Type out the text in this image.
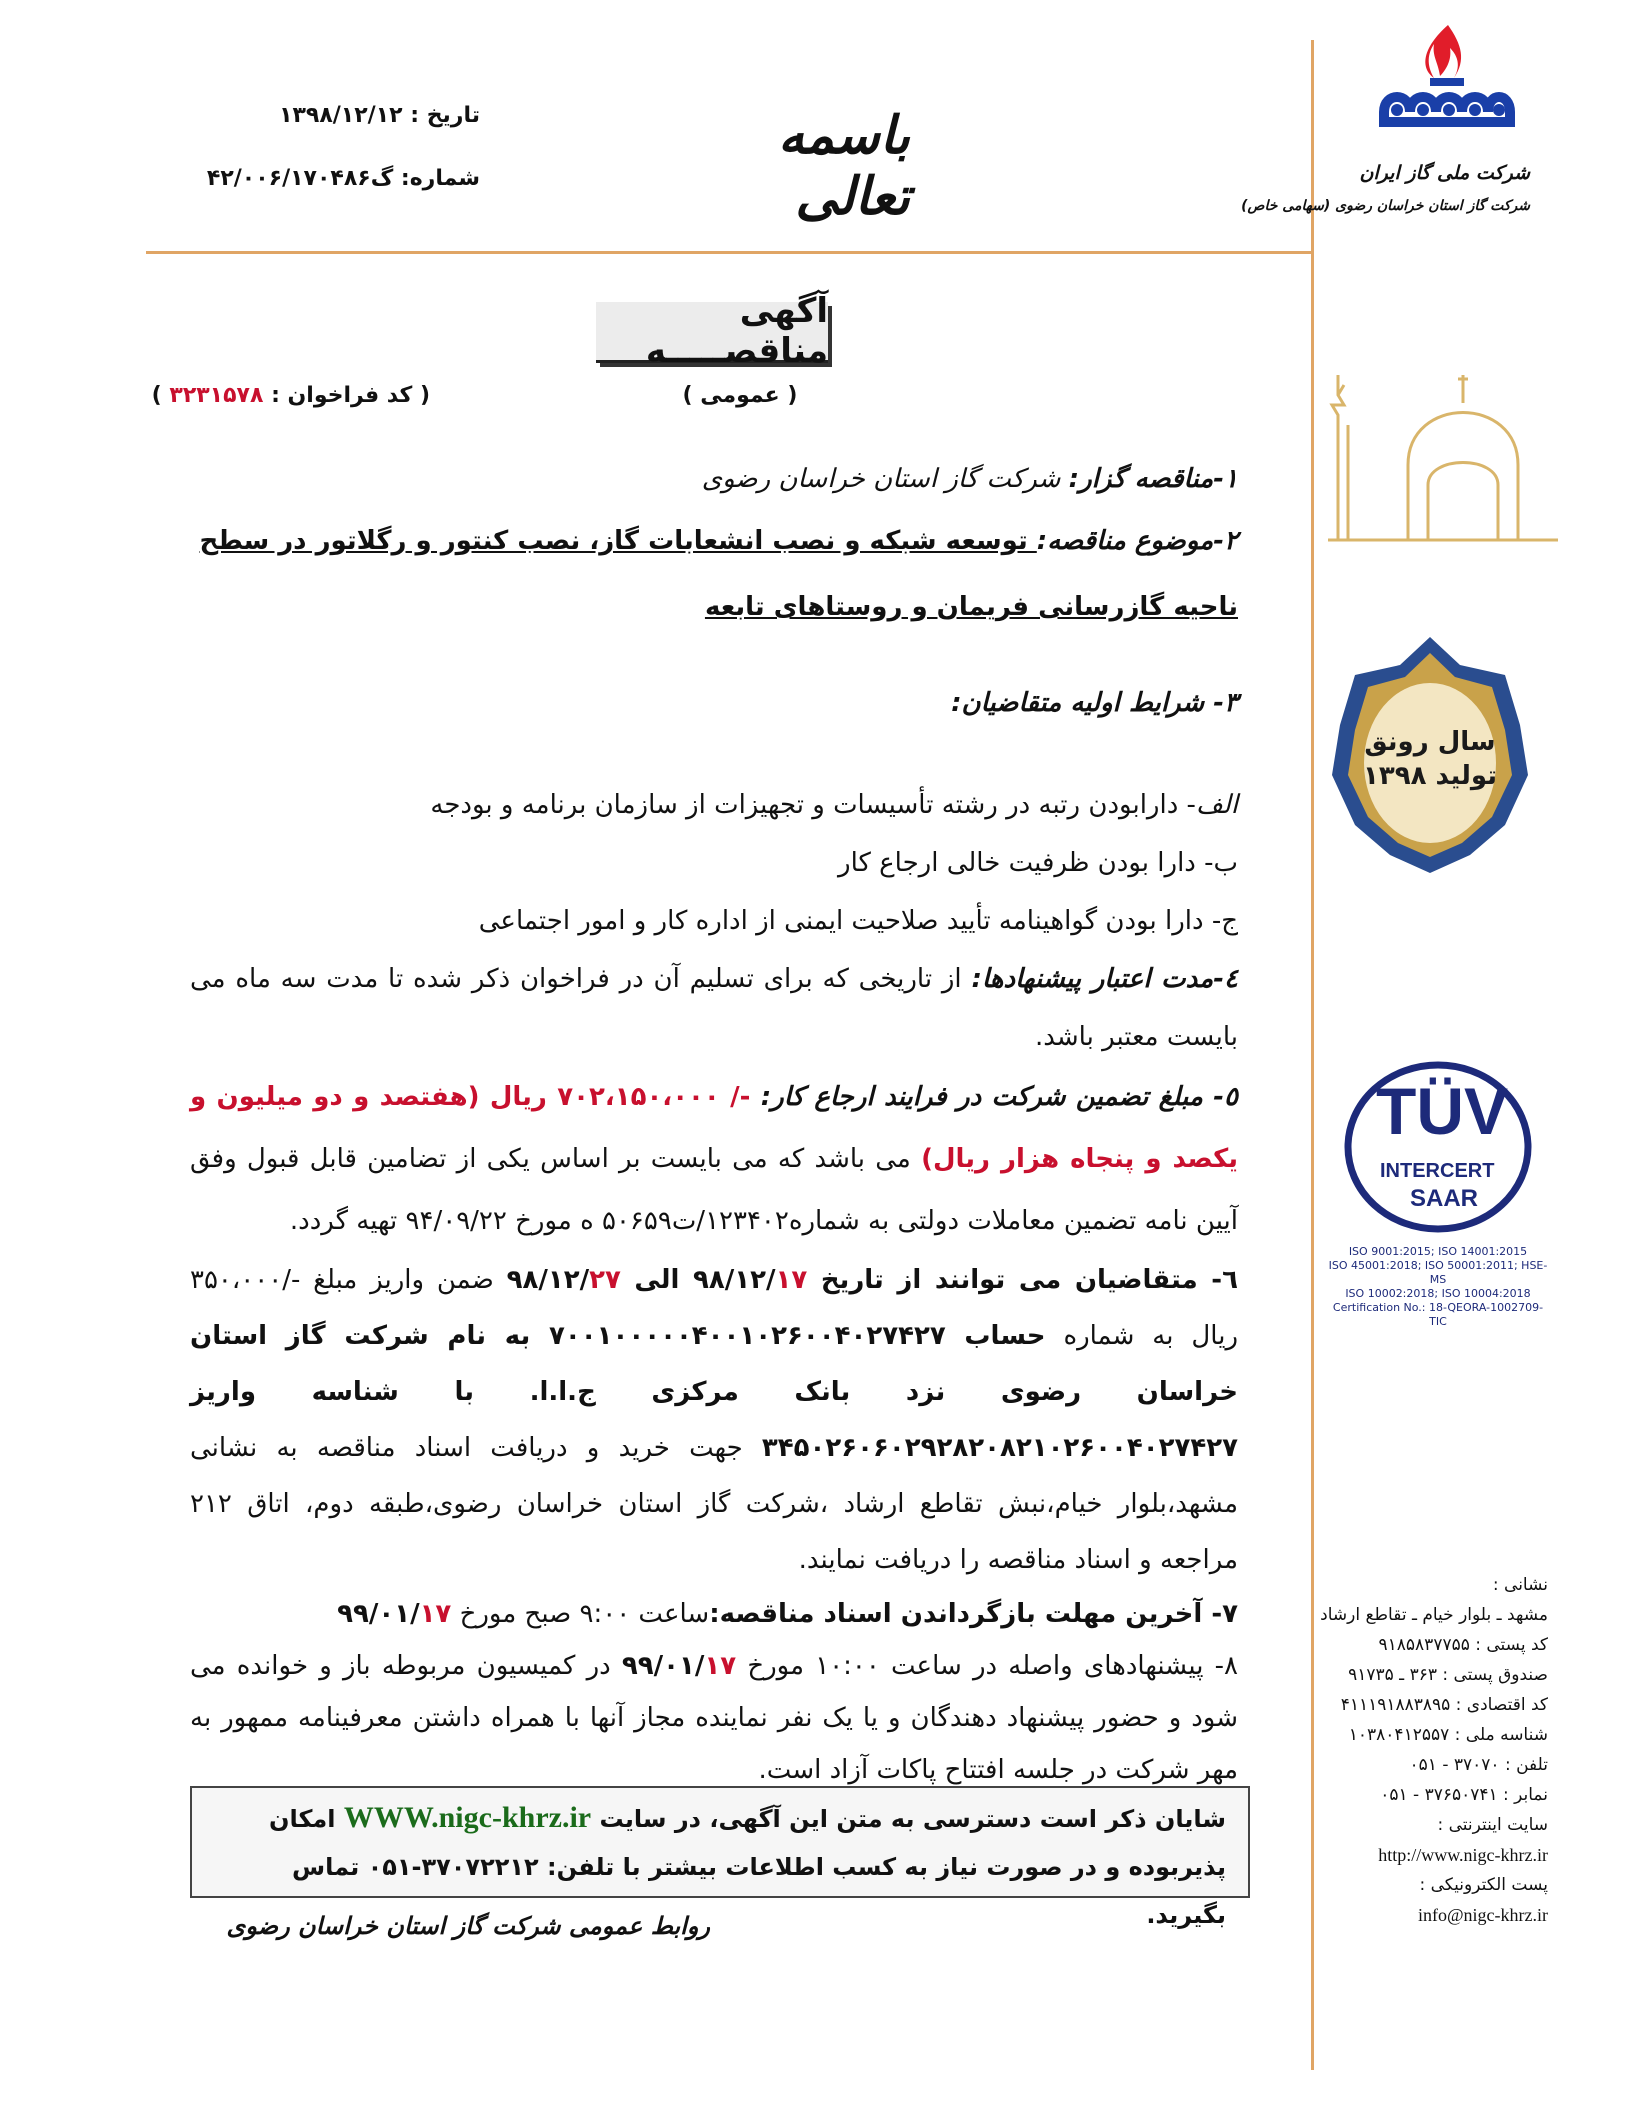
باسمه تعالی
تاریخ : ۱۳۹۸/۱۲/۱۲
شماره: گ۴۲/۰۰۶/۱۷۰۴۸۶	شرکت ملی گاز ایران
شرکت گاز استان خراسان رضوی (سهامی خاص)
سال رونق تولید ۱۳۹۸
TÜV
INTERCERT
SAAR
ISO 9001:2015; ISO 14001:2015
ISO 45001:2018; ISO 50001:2011; HSE-MS
ISO 10002:2018; ISO 10004:2018
Certification No.: 18-QEORA-1002709-TIC
آگهی مناقصـــــه
( عمومی )
( کد فراخوان : ۳۲۳۱۵۷۸ )
۱-مناقصه گزار: شرکت گاز استان خراسان رضوی
۲-موضوع مناقصه: توسعه شبکه و نصب انشعابات گاز، نصب کنتور و رگلاتور در سطح
ناحیه گازرسانی فریمان و روستاهای تابعه
۳- شرایط اولیه متقاضیان:
الف- دارابودن رتبه در رشته تأسیسات و تجهیزات از سازمان برنامه و بودجه
ب- دارا بودن ظرفیت خالی ارجاع کار
ج- دارا بودن گواهینامه تأیید صلاحیت ایمنی از اداره کار و امور اجتماعی
٤-مدت اعتبار پیشنهادها: از تاریخی که برای تسلیم آن در فراخوان ذکر شده تا مدت سه ماه می بایست معتبر باشد.
٥- مبلغ تضمین شرکت در فرایند ارجاع کار: -/ ۷۰۲،۱۵۰،۰۰۰ ریال (هفتصد و دو میلیون و یکصد و پنجاه هزار ریال) می باشد که می بایست بر اساس یکی از تضامین قابل قبول وفق آیین نامه تضمین معاملات دولتی به شماره۱۲۳۴۰۲/ت۵۰۶۵۹ ه مورخ ۹۴/۰۹/۲۲ تهیه گردد.
٦- متقاضیان می توانند از تاریخ ۹۸/۱۲/۱۷ الی ۹۸/۱۲/۲۷ ضمن واریز مبلغ -/۳۵۰،۰۰۰ ریال به شماره حساب ۷۰۰۱۰۰۰۰۰۴۰۰۱۰۲۶۰۰۴۰۲۷۴۲۷ به نام شرکت گاز استان خراسان رضوی نزد بانک مرکزی ج.ا.ا. با شناسه واریز ۳۴۵۰۲۶۰۶۰۲۹۲۸۲۰۸۲۱۰۲۶۰۰۴۰۲۷۴۲۷ جهت خرید و دریافت اسناد مناقصه به نشانی مشهد،بلوار خیام،نبش تقاطع ارشاد ،شرکت گاز استان خراسان رضوی،طبقه دوم، اتاق ۲۱۲ مراجعه و اسناد مناقصه را دریافت نمایند.
۷- آخرین مهلت بازگرداندن اسناد مناقصه:ساعت ۹:۰۰ صبح مورخ ۹۹/۰۱/۱۷
۸- پیشنهادهای واصله در ساعت ۱۰:۰۰ مورخ ۹۹/۰۱/۱۷ در کمیسیون مربوطه باز و خوانده می شود و حضور پیشنهاد دهندگان و یا یک نفر نماینده مجاز آنها با همراه داشتن معرفینامه ممهور به مهر شرکت در جلسه افتتاح پاکات آزاد است.
شایان ذکر است دسترسی به متن این آگهی، در سایت WWW.nigc-khrz.ir امکان پذیربوده و در صورت نیاز به کسب اطلاعات بیشتر با تلفن: ۳۷۰۷۲۲۱۲-۰۵۱ تماس بگیرید.
روابط عمومی شرکت گاز استان خراسان رضوی
نشانی :
مشهد ـ بلوار خیام ـ تقاطع ارشاد
کد پستی : ۹۱۸۵۸۳۷۷۵۵
صندوق پستی : ۳۶۳ ـ ۹۱۷۳۵
کد اقتصادی : ۴۱۱۱۹۱۸۸۳۸۹۵
شناسه ملی : ۱۰۳۸۰۴۱۲۵۵۷
تلفن : ۳۷۰۷۰ - ۰۵۱
نمابر : ۳۷۶۵۰۷۴۱ - ۰۵۱
سایت اینترنتی :
http://www.nigc-khrz.ir
پست الکترونیکی :
info@nigc-khrz.ir
